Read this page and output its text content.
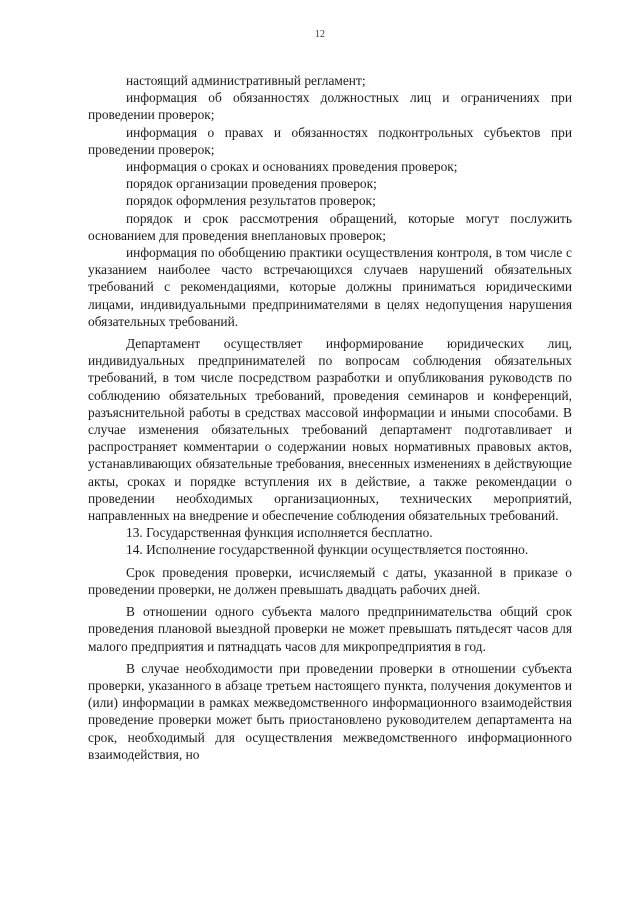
12

настоящий административный регламент;

информация об обязанностях должностных лиц и ограничениях при проведении проверок;

информация о правах и обязанностях подконтрольных субъектов при проведении проверок;

информация о сроках и основаниях проведения проверок;

порядок организации проведения проверок;

порядок оформления результатов проверок;

порядок и срок рассмотрения обращений, которые могут послужить основанием для проведения внеплановых проверок;

информация по обобщению практики осуществления контроля, в том числе с указанием наиболее часто встречающихся случаев нарушений обязательных требований с рекомендациями, которые должны приниматься юридическими лицами, индивидуальными предпринимателями в целях недопущения нарушения обязательных требований.

Департамент осуществляет информирование юридических лиц, индивидуальных предпринимателей по вопросам соблюдения обязательных требований, в том числе посредством разработки и опубликования руководств по соблюдению обязательных требований, проведения семинаров и конференций, разъяснительной работы в средствах массовой информации и иными способами. В случае изменения обязательных требований департамент подготавливает и распространяет комментарии о содержании новых нормативных правовых актов, устанавливающих обязательные требования, внесенных изменениях в действующие акты, сроках и порядке вступления их в действие, а также рекомендации о проведении необходимых организационных, технических мероприятий, направленных на внедрение и обеспечение соблюдения обязательных требований.

13. Государственная функция исполняется бесплатно.

14. Исполнение государственной функции осуществляется постоянно.

Срок проведения проверки, исчисляемый с даты, указанной в приказе о проведении проверки, не должен превышать двадцать рабочих дней.

В отношении одного субъекта малого предпринимательства общий срок проведения плановой выездной проверки не может превышать пятьдесят часов для малого предприятия и пятнадцать часов для микропредприятия в год.

В случае необходимости при проведении проверки в отношении субъекта проверки, указанного в абзаце третьем настоящего пункта, получения документов и (или) информации в рамках межведомственного информационного взаимодействия проведение проверки может быть приостановлено руководителем департамента на срок, необходимый для осуществления межведомственного информационного взаимодействия, но
